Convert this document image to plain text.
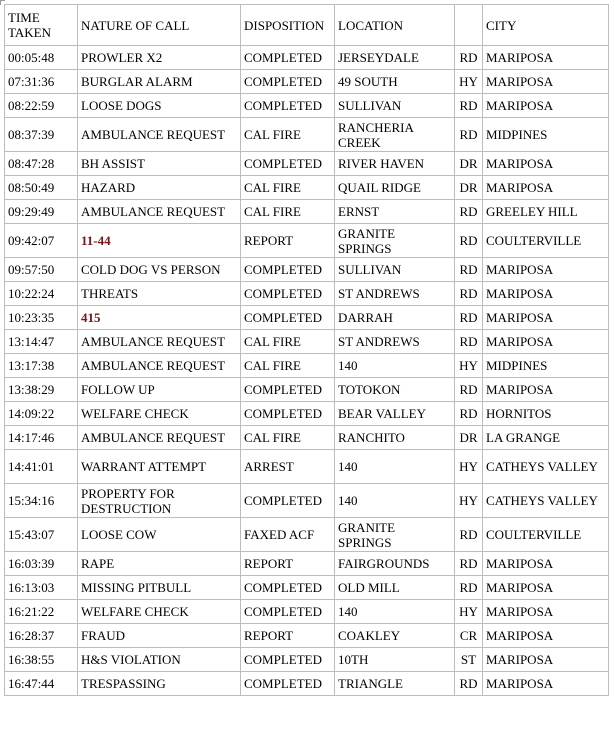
TIME TAKEN	NATURE OF CALL	DISPOSITION	LOCATION		CITY
00:05:48	PROWLER X2	COMPLETED	JERSEYDALE	RD	MARIPOSA
07:31:36	BURGLAR ALARM	COMPLETED	49 SOUTH	HY	MARIPOSA
08:22:59	LOOSE DOGS	COMPLETED	SULLIVAN	RD	MARIPOSA
08:37:39	AMBULANCE REQUEST	CAL FIRE	RANCHERIA CREEK	RD	MIDPINES
08:47:28	BH ASSIST	COMPLETED	RIVER HAVEN	DR	MARIPOSA
08:50:49	HAZARD	CAL FIRE	QUAIL RIDGE	DR	MARIPOSA
09:29:49	AMBULANCE REQUEST	CAL FIRE	ERNST	RD	GREELEY HILL
09:42:07	11-44	REPORT	GRANITE SPRINGS	RD	COULTERVILLE
09:57:50	COLD DOG VS PERSON	COMPLETED	SULLIVAN	RD	MARIPOSA
10:22:24	THREATS	COMPLETED	ST ANDREWS	RD	MARIPOSA
10:23:35	415	COMPLETED	DARRAH	RD	MARIPOSA
13:14:47	AMBULANCE REQUEST	CAL FIRE	ST ANDREWS	RD	MARIPOSA
13:17:38	AMBULANCE REQUEST	CAL FIRE	140	HY	MIDPINES
13:38:29	FOLLOW UP	COMPLETED	TOTOKON	RD	MARIPOSA
14:09:22	WELFARE CHECK	COMPLETED	BEAR VALLEY	RD	HORNITOS
14:17:46	AMBULANCE REQUEST	CAL FIRE	RANCHITO	DR	LA GRANGE
14:41:01	WARRANT ATTEMPT	ARREST	140	HY	CATHEYS VALLEY
15:34:16	PROPERTY FOR DESTRUCTION	COMPLETED	140	HY	CATHEYS VALLEY
15:43:07	LOOSE COW	FAXED ACF	GRANITE SPRINGS	RD	COULTERVILLE
16:03:39	RAPE	REPORT	FAIRGROUNDS	RD	MARIPOSA
16:13:03	MISSING PITBULL	COMPLETED	OLD MILL	RD	MARIPOSA
16:21:22	WELFARE CHECK	COMPLETED	140	HY	MARIPOSA
16:28:37	FRAUD	REPORT	COAKLEY	CR	MARIPOSA
16:38:55	H&S VIOLATION	COMPLETED	10TH	ST	MARIPOSA
16:47:44	TRESPASSING	COMPLETED	TRIANGLE	RD	MARIPOSA
